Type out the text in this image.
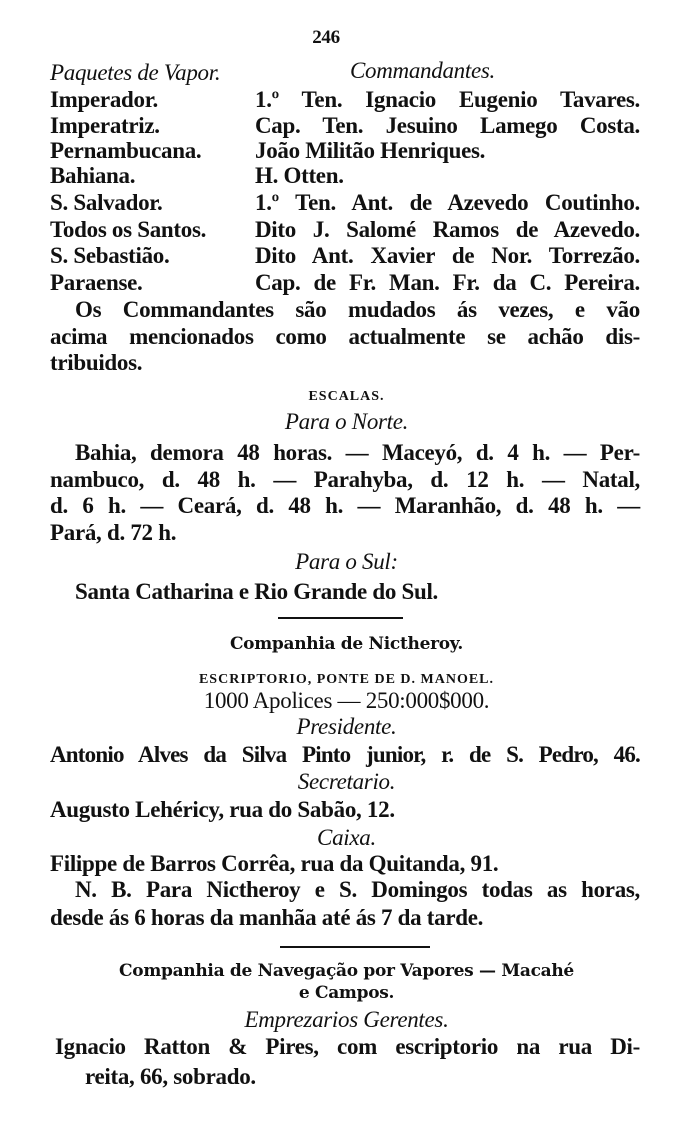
246
Paquetes de Vapor.	Commandantes.
Imperador.	1.º Ten. Ignacio Eugenio Tavares.
Imperatriz.	Cap. Ten. Jesuino Lamego Costa.
Pernambucana. João Militão Henriques.
Bahiana.	H. Otten.
S. Salvador.	1.º Ten. Ant. de Azevedo Coutinho.
Todos os Santos. Dito J. Salomé Ramos de Azevedo.
S. Sebastião.	Dito Ant. Xavier de Nor. Torrezão.
Paraense.	Cap. de Fr. Man. Fr. da C. Pereira.
Os Commandantes são mudados ás vezes, e vão
acima mencionados como actualmente se achão dis-
tribuidos.
ESCALAS.
Para o Norte.
Bahia, demora 48 horas. — Maceyó, d. 4 h. — Per-
nambuco, d. 48 h. — Parahyba, d. 12 h. — Natal,
d. 6 h. — Ceará, d. 48 h. — Maranhão, d. 48 h. —
Pará, d. 72 h.
Para o Sul:
Santa Catharina e Rio Grande do Sul.
Companhia de Nictheroy.
ESCRIPTORIO, PONTE DE D. MANOEL.
1000 Apolices — 250:000$000.
Presidente.
Antonio Alves da Silva Pinto junior, r. de S. Pedro, 46.
Secretario.
Augusto Lehéricy, rua do Sabão, 12.
Caixa.
Filippe de Barros Corrêa, rua da Quitanda, 91.
N. B. Para Nictheroy e S. Domingos todas as horas,
desde ás 6 horas da manhãa até ás 7 da tarde.
Companhia de Navegação por Vapores — Macahé
e Campos.
Emprezarios Gerentes.
Ignacio Ratton & Pires, com escriptorio na rua Di-
reita, 66, sobrado.
